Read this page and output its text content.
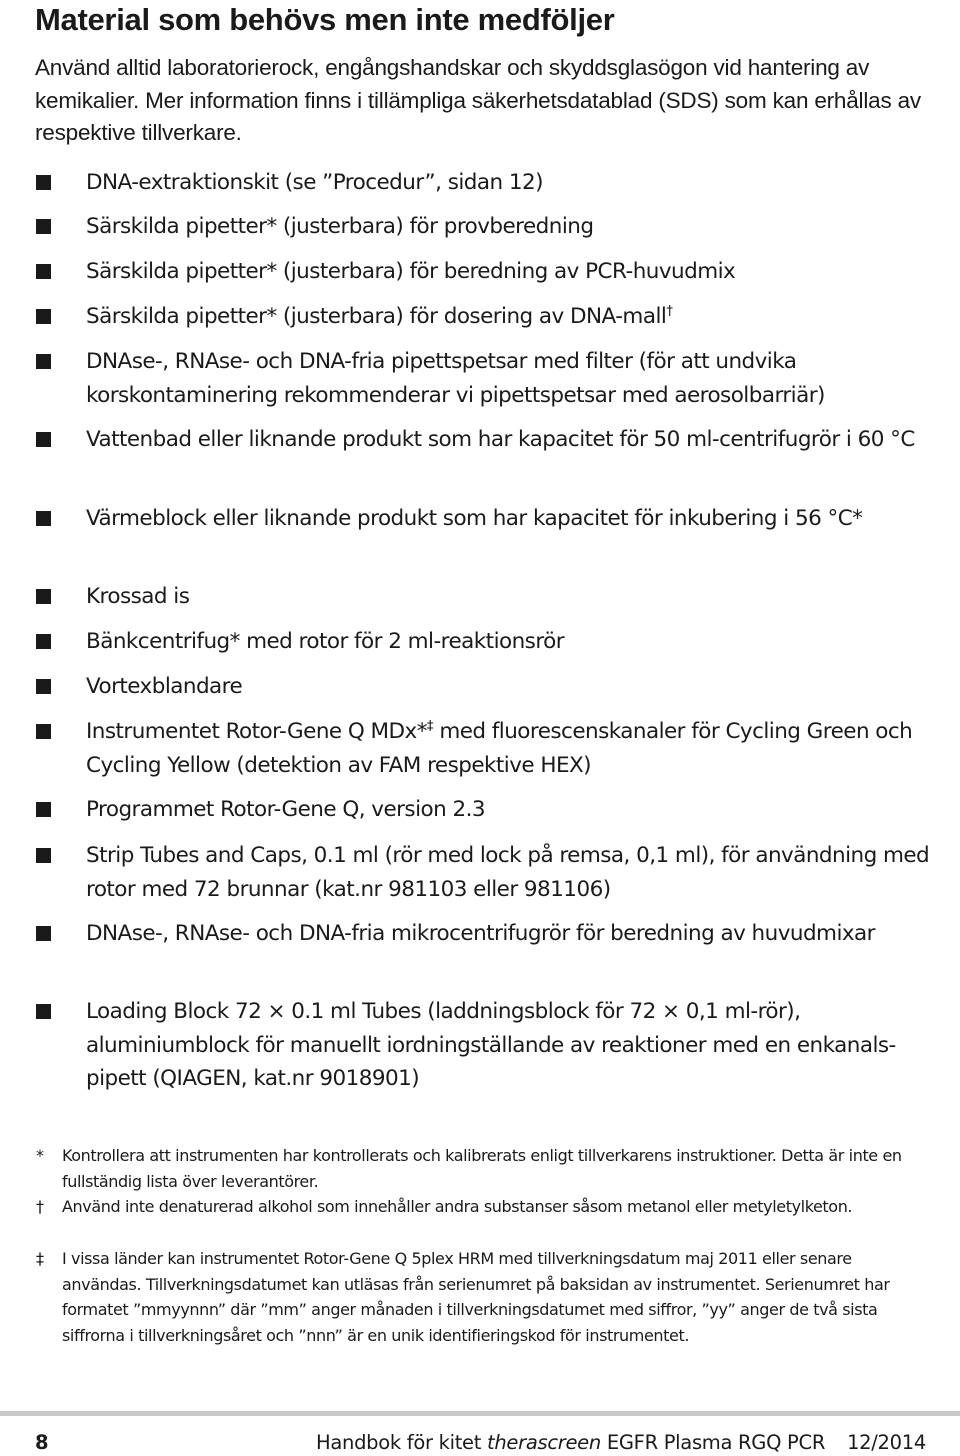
Material som behövs men inte medföljer

Använd alltid laboratorierock, engångshandskar och skyddsglasögon vid hantering av kemikalier. Mer information finns i tillämpliga säkerhetsdatablad (SDS) som kan erhållas av respektive tillverkare.

DNA-extraktionskit (se ”Procedur”, sidan 12)
Särskilda pipetter* (justerbara) för provberedning
Särskilda pipetter* (justerbara) för beredning av PCR-huvudmix
Särskilda pipetter* (justerbara) för dosering av DNA-mall†
DNAse-, RNAse- och DNA-fria pipettspetsar med filter (för att undvika korskontaminering rekommenderar vi pipettspetsar med aerosolbarriär)
Vattenbad eller liknande produkt som har kapacitet för 50 ml-centrifugrör i 60 °C
Värmeblock eller liknande produkt som har kapacitet för inkubering i 56 °C*
Krossad is
Bänkcentrifug* med rotor för 2 ml-reaktionsrör
Vortexblandare
Instrumentet Rotor-Gene Q MDx*‡ med fluorescenskanaler för Cycling Green och Cycling Yellow (detektion av FAM respektive HEX)
Programmet Rotor-Gene Q, version 2.3
Strip Tubes and Caps, 0.1 ml (rör med lock på remsa, 0,1 ml), för användning med rotor med 72 brunnar (kat.nr 981103 eller 981106)
DNAse-, RNAse- och DNA-fria mikrocentrifugrör för beredning av huvudmixar
Loading Block 72 × 0.1 ml Tubes (laddningsblock för 72 × 0,1 ml-rör), aluminiumblock för manuellt iordningställande av reaktioner med en enkanals-pipett (QIAGEN, kat.nr 9018901)
*	Kontrollera att instrumenten har kontrollerats och kalibrerats enligt tillverkarens instruktioner. Detta är inte en fullständig lista över leverantörer.
†	Använd inte denaturerad alkohol som innehåller andra substanser såsom metanol eller metyletylketon.
‡	I vissa länder kan instrumentet Rotor-Gene Q 5plex HRM med tillverkningsdatum maj 2011 eller senare användas. Tillverkningsdatumet kan utläsas från serienumret på baksidan av instrumentet. Serienumret har formatet ”mmyynnn” där ”mm” anger månaden i tillverkningsdatumet med siffror, ”yy” anger de två sista siffrorna i tillverkningsåret och ”nnn” är en unik identifieringskod för instrumentet.
8	Handbok för kitet therascreen EGFR Plasma RGQ PCR 12/2014
